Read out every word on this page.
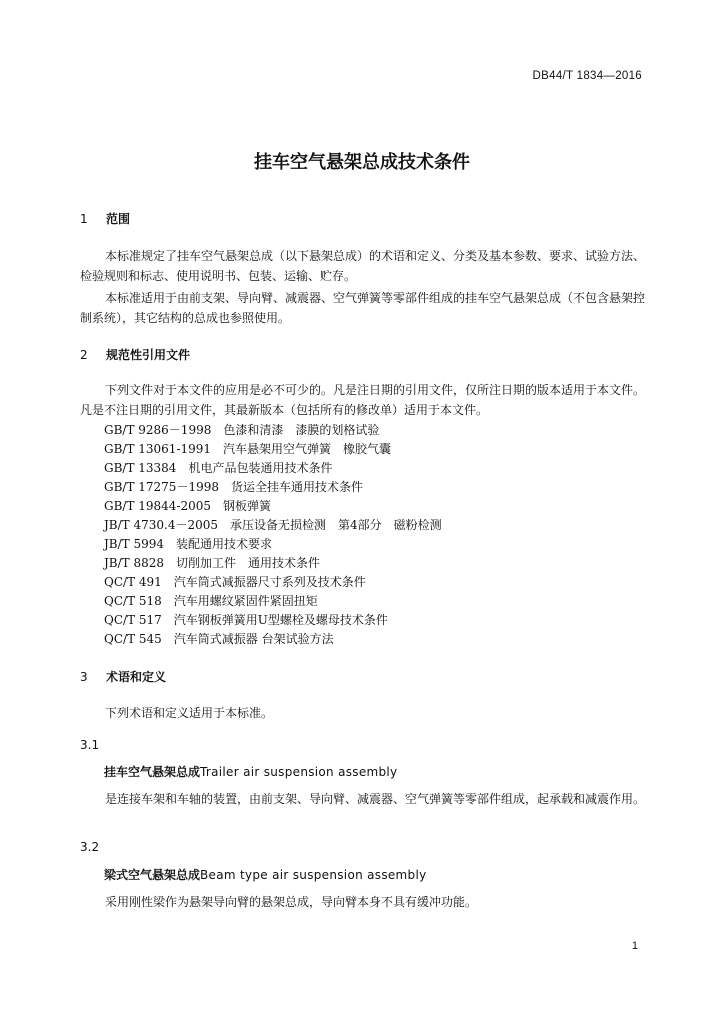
DB44/T 1834—2016
挂车空气悬架总成技术条件
1 范围
本标准规定了挂车空气悬架总成（以下悬架总成）的术语和定义、分类及基本参数、要求、试验方法、检验规则和标志、使用说明书、包装、运输、贮存。
本标准适用于由前支架、导向臂、减震器、空气弹簧等零部件组成的挂车空气悬架总成（不包含悬架控制系统），其它结构的总成也参照使用。
2 规范性引用文件
下列文件对于本文件的应用是必不可少的。凡是注日期的引用文件，仅所注日期的版本适用于本文件。凡是不注日期的引用文件，其最新版本（包括所有的修改单）适用于本文件。
GB/T 9286－1998　色漆和清漆　漆膜的划格试验
GB/T 13061-1991　汽车悬架用空气弹簧　橡胶气囊
GB/T 13384　机电产品包装通用技术条件
GB/T 17275－1998　货运全挂车通用技术条件
GB/T 19844-2005　钢板弹簧
JB/T 4730.4－2005　承压设备无损检测　第4部分　磁粉检测
JB/T 5994　装配通用技术要求
JB/T 8828　切削加工件　通用技术条件
QC/T 491　汽车筒式减振器尺寸系列及技术条件
QC/T 518　汽车用螺纹紧固件紧固扭矩
QC/T 517　汽车钢板弹簧用U型螺栓及螺母技术条件
QC/T 545　汽车筒式减振器 台架试验方法
3 术语和定义
下列术语和定义适用于本标准。
3.1
挂车空气悬架总成Trailer air suspension assembly
是连接车架和车轴的装置，由前支架、导向臂、减震器、空气弹簧等零部件组成，起承载和减震作用。
3.2
梁式空气悬架总成Beam type air suspension assembly
采用刚性梁作为悬架导向臂的悬架总成，导向臂本身不具有缓冲功能。
1
